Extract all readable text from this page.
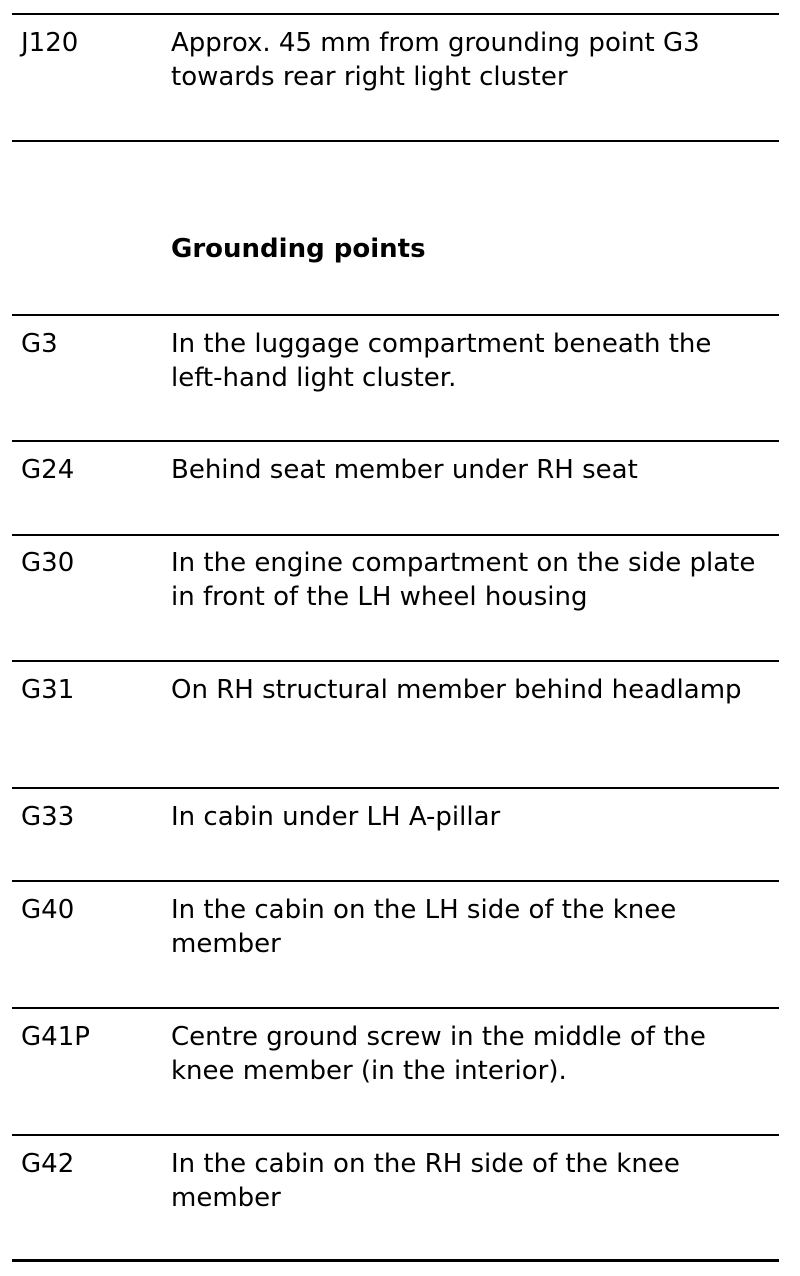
J120	Approx. 45 mm from grounding point G3 towards rear right light cluster
Grounding points
G3	In the luggage compartment beneath the left-hand light cluster.
G24	Behind seat member under RH seat
G30	In the engine compartment on the side plate in front of the LH wheel housing
G31	On RH structural member behind headlamp
G33	In cabin under LH A-pillar
G40	In the cabin on the LH side of the knee member
G41P	Centre ground screw in the middle of the knee member (in the interior).
G42	In the cabin on the RH side of the knee member
